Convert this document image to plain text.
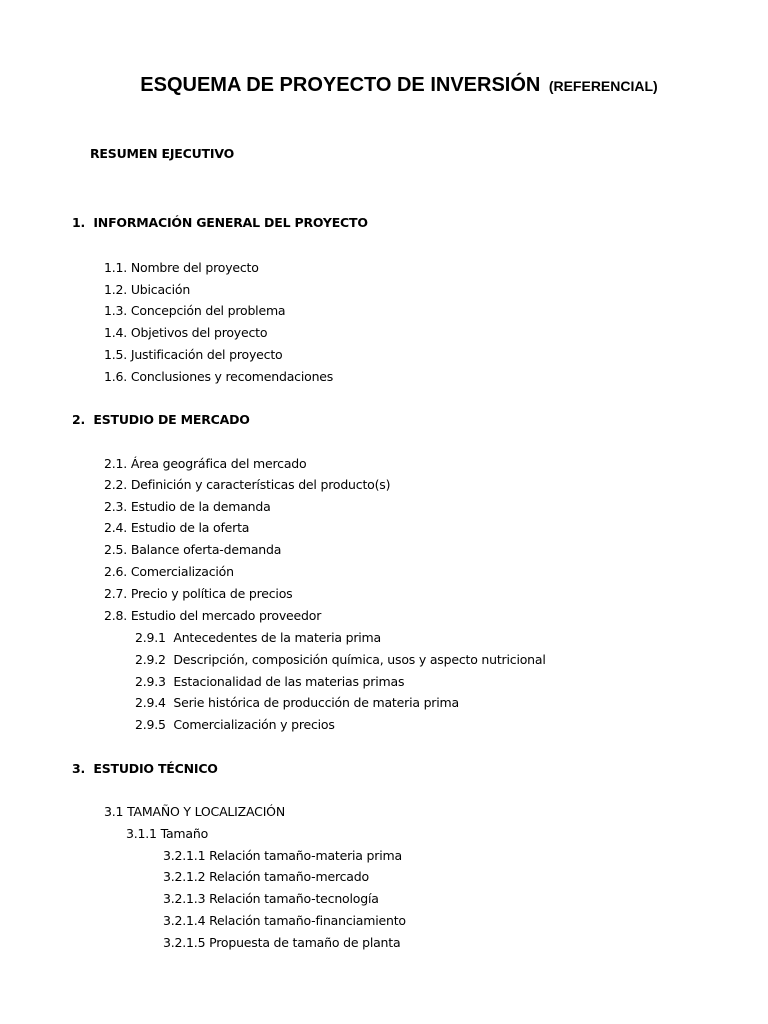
ESQUEMA DE PROYECTO DE INVERSIÓN (REFERENCIAL)
RESUMEN EJECUTIVO
1. INFORMACIÓN GENERAL DEL PROYECTO
1.1. Nombre del proyecto
1.2. Ubicación
1.3. Concepción del problema
1.4. Objetivos del proyecto
1.5. Justificación del proyecto
1.6. Conclusiones y recomendaciones
2. ESTUDIO DE MERCADO
2.1. Área geográfica del mercado
2.2. Definición y características del producto(s)
2.3. Estudio de la demanda
2.4. Estudio de la oferta
2.5. Balance oferta-demanda
2.6. Comercialización
2.7. Precio y política de precios
2.8. Estudio del mercado proveedor
2.9.1 Antecedentes de la materia prima
2.9.2 Descripción, composición química, usos y aspecto nutricional
2.9.3 Estacionalidad de las materias primas
2.9.4 Serie histórica de producción de materia prima
2.9.5 Comercialización y precios
3. ESTUDIO TÉCNICO
3.1 TAMAÑO Y LOCALIZACIÓN
3.1.1 Tamaño
3.2.1.1 Relación tamaño-materia prima
3.2.1.2 Relación tamaño-mercado
3.2.1.3 Relación tamaño-tecnología
3.2.1.4 Relación tamaño-financiamiento
3.2.1.5 Propuesta de tamaño de planta
